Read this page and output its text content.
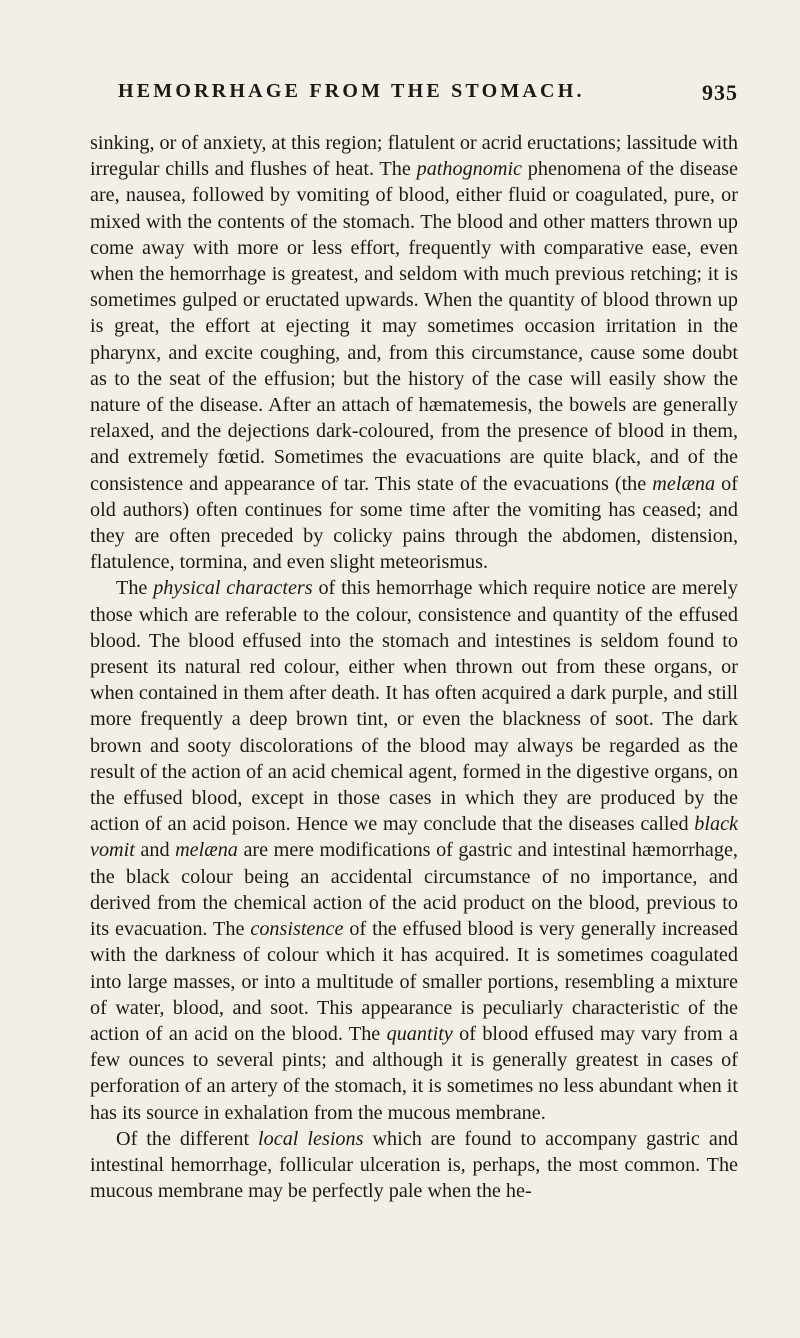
HEMORRHAGE FROM THE STOMACH.	935

sinking, or of anxiety, at this region; flatulent or acrid eructations; lassitude with irregular chills and flushes of heat. The pathognomic phenomena of the disease are, nausea, followed by vomiting of blood, either fluid or coagulated, pure, or mixed with the contents of the stomach. The blood and other matters thrown up come away with more or less effort, frequently with comparative ease, even when the hemorrhage is greatest, and seldom with much previous retching; it is sometimes gulped or eructated upwards. When the quantity of blood thrown up is great, the effort at ejecting it may sometimes occasion irritation in the pharynx, and excite coughing, and, from this circumstance, cause some doubt as to the seat of the effusion; but the history of the case will easily show the nature of the disease. After an attach of hæmatemesis, the bowels are generally relaxed, and the dejections dark-coloured, from the presence of blood in them, and extremely fœtid. Sometimes the evacuations are quite black, and of the consistence and appearance of tar. This state of the evacuations (the melæna of old authors) often continues for some time after the vomiting has ceased; and they are often preceded by colicky pains through the abdomen, distension, flatulence, tormina, and even slight meteorismus.

The physical characters of this hemorrhage which require notice are merely those which are referable to the colour, consistence and quantity of the effused blood. The blood effused into the stomach and intestines is seldom found to present its natural red colour, either when thrown out from these organs, or when contained in them after death. It has often acquired a dark purple, and still more frequently a deep brown tint, or even the blackness of soot. The dark brown and sooty discolorations of the blood may always be regarded as the result of the action of an acid chemical agent, formed in the digestive organs, on the effused blood, except in those cases in which they are produced by the action of an acid poison. Hence we may conclude that the diseases called black vomit and melæna are mere modifications of gastric and intestinal hæmorrhage, the black colour being an accidental circumstance of no importance, and derived from the chemical action of the acid product on the blood, previous to its evacuation. The consistence of the effused blood is very generally increased with the darkness of colour which it has acquired. It is sometimes coagulated into large masses, or into a multitude of smaller portions, resembling a mixture of water, blood, and soot. This appearance is peculiarly characteristic of the action of an acid on the blood. The quantity of blood effused may vary from a few ounces to several pints; and although it is generally greatest in cases of perforation of an artery of the stomach, it is sometimes no less abundant when it has its source in exhalation from the mucous membrane.

Of the different local lesions which are found to accompany gastric and intestinal hemorrhage, follicular ulceration is, perhaps, the most common. The mucous membrane may be perfectly pale when the he-
